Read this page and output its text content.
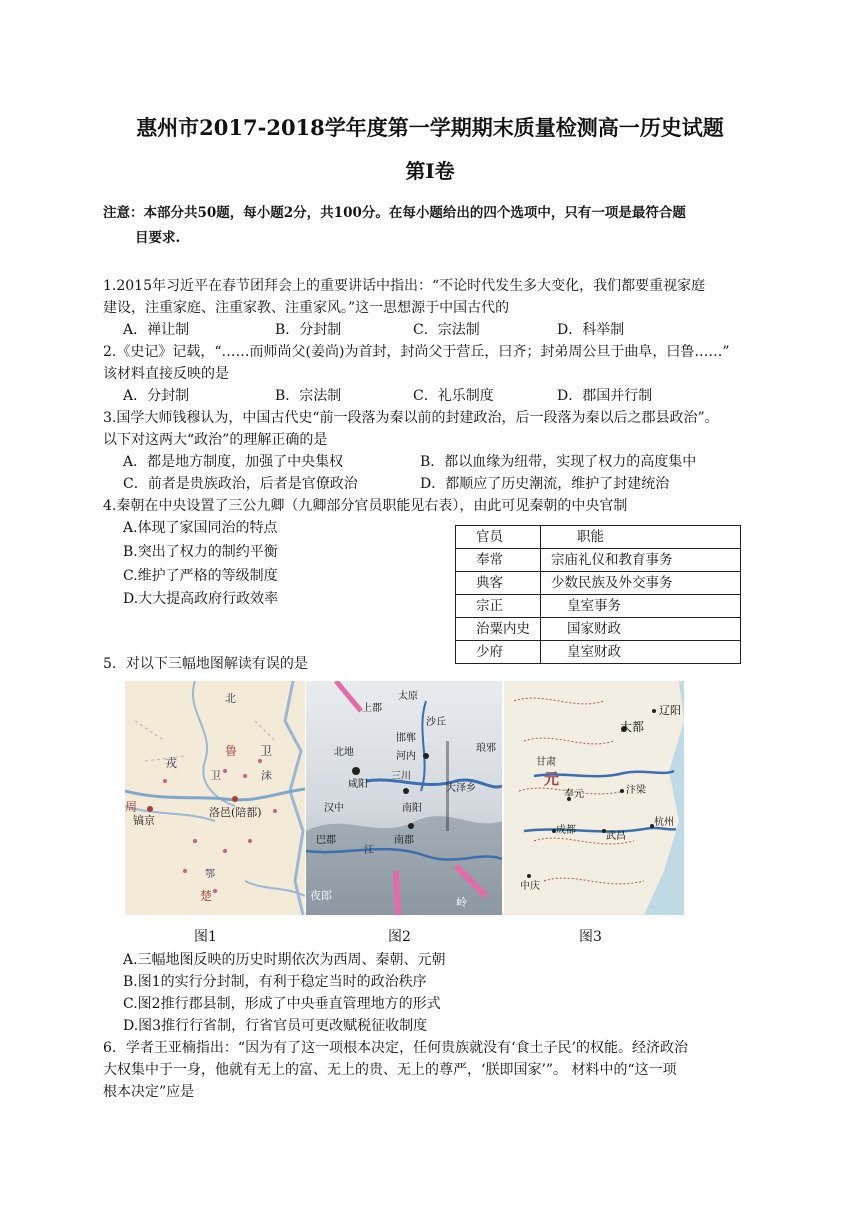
惠州市2017-2018学年度第一学期期末质量检测高一历史试题
第Ⅰ卷
注意：本部分共50题，每小题2分，共100分。在每小题给出的四个选项中，只有一项是最符合题
目要求.
1.2015年习近平在春节团拜会上的重要讲话中指出：“不论时代发生多大变化，我们都要重视家庭
建设，注重家庭、注重家教、注重家风。”这一思想源于中国古代的
A．禅让制	B．分封制	C．宗法制	D．科举制
2.《史记》记载，“……而师尚父(姜尚)为首封，封尚父于营丘，曰齐；封弟周公旦于曲阜，曰鲁……”
该材料直接反映的是
A．分封制	B．宗法制	C．礼乐制度	D．郡国并行制
3.国学大师钱穆认为，中国古代史“前一段落为秦以前的封建政治，后一段落为秦以后之郡县政治”。
以下对这两大“政治”的理解正确的是
A．都是地方制度，加强了中央集权	B．都以血缘为纽带，实现了权力的高度集中
C．前者是贵族政治，后者是官僚政治	D．都顺应了历史潮流，维护了封建统治
4.秦朝在中央设置了三公九卿（九卿部分官员职能见右表），由此可见秦朝的中央官制
A.体现了家国同治的特点
B.突出了权力的制约平衡
C.维护了严格的等级制度
D.大大提高政府行政效率
官员	职能
奉常	宗庙礼仪和教育事务
典客	少数民族及外交事务
宗正	皇室事务
治粟内史	国家财政
少府	皇室财政
5．对以下三幅地图解读有误的是
北
戎
卫
鲁
卫	沬
镐京
洛邑(陪都)
周
楚
鄂
上郡
太原
沙丘
邯郸
北地	河内
琅邪
咸阳
三川
大泽乡
汉中	南阳
巴郡	南郡
夜郎
江
岭
辽阳
大都
甘肃
元
汴梁
奉元
成都
杭州
武昌
中庆
图1	图2	图3
A.三幅地图反映的历史时期依次为西周、秦朝、元朝
B.图1的实行分封制，有利于稳定当时的政治秩序
C.图2推行郡县制，形成了中央垂直管理地方的形式
D.图3推行行省制，行省官员可更改赋税征收制度
6．学者王亚楠指出：“因为有了这一项根本决定，任何贵族就没有‘食土子民’的权能。经济政治
大权集中于一身，他就有无上的富、无上的贵、无上的尊严，‘朕即国家’”。 材料中的“这一项
根本决定”应是
